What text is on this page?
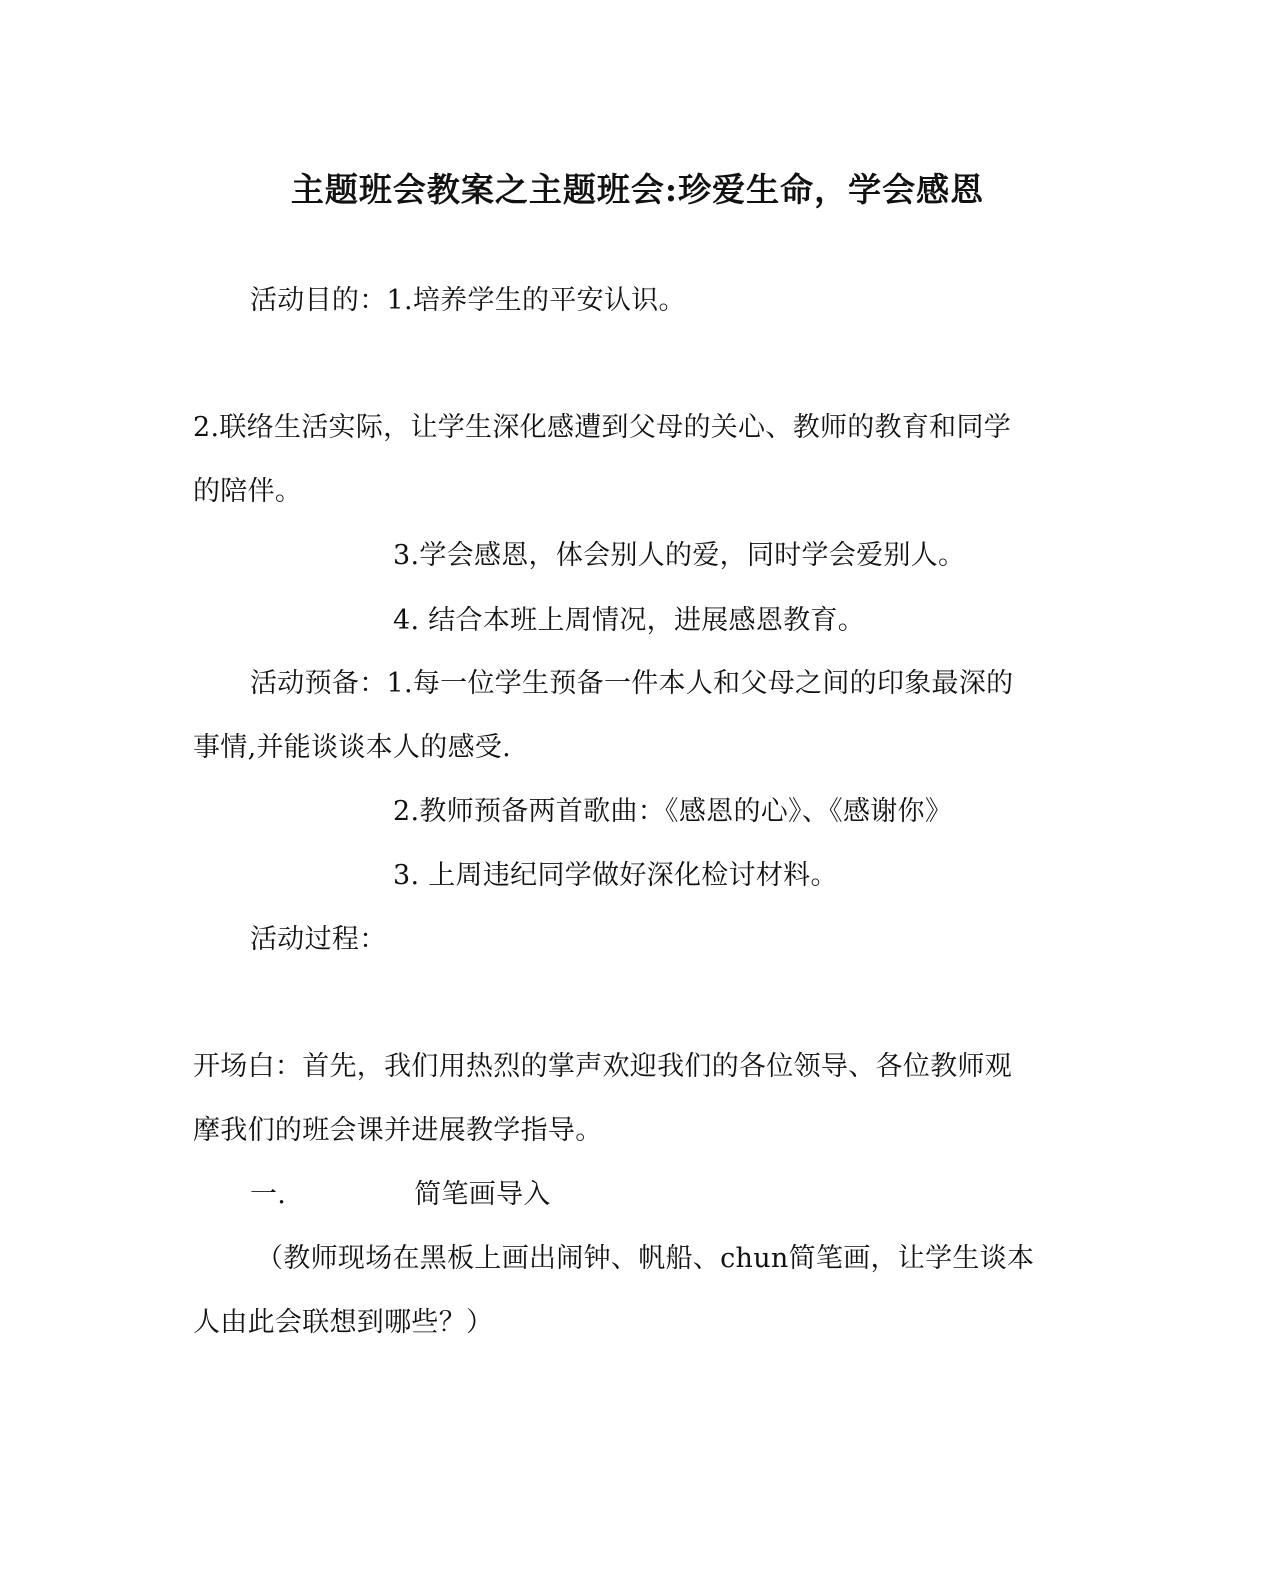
主题班会教案之主题班会:珍爱生命，学会感恩
活动目的：1.培养学生的平安认识。
2.联络生活实际，让学生深化感遭到父母的关心、教师的教育和同学
的陪伴。
3.学会感恩，体会别人的爱，同时学会爱别人。
4. 结合本班上周情况，进展感恩教育。
活动预备：1.每一位学生预备一件本人和父母之间的印象最深的
事情,并能谈谈本人的感受.
2.教师预备两首歌曲：《感恩的心》、《感谢你》
3. 上周违纪同学做好深化检讨材料。
活动过程：
开场白：首先，我们用热烈的掌声欢迎我们的各位领导、各位教师观
摩我们的班会课并进展教学指导。
一.	简笔画导入
（教师现场在黑板上画出闹钟、帆船、chun简笔画，让学生谈本
人由此会联想到哪些？）
